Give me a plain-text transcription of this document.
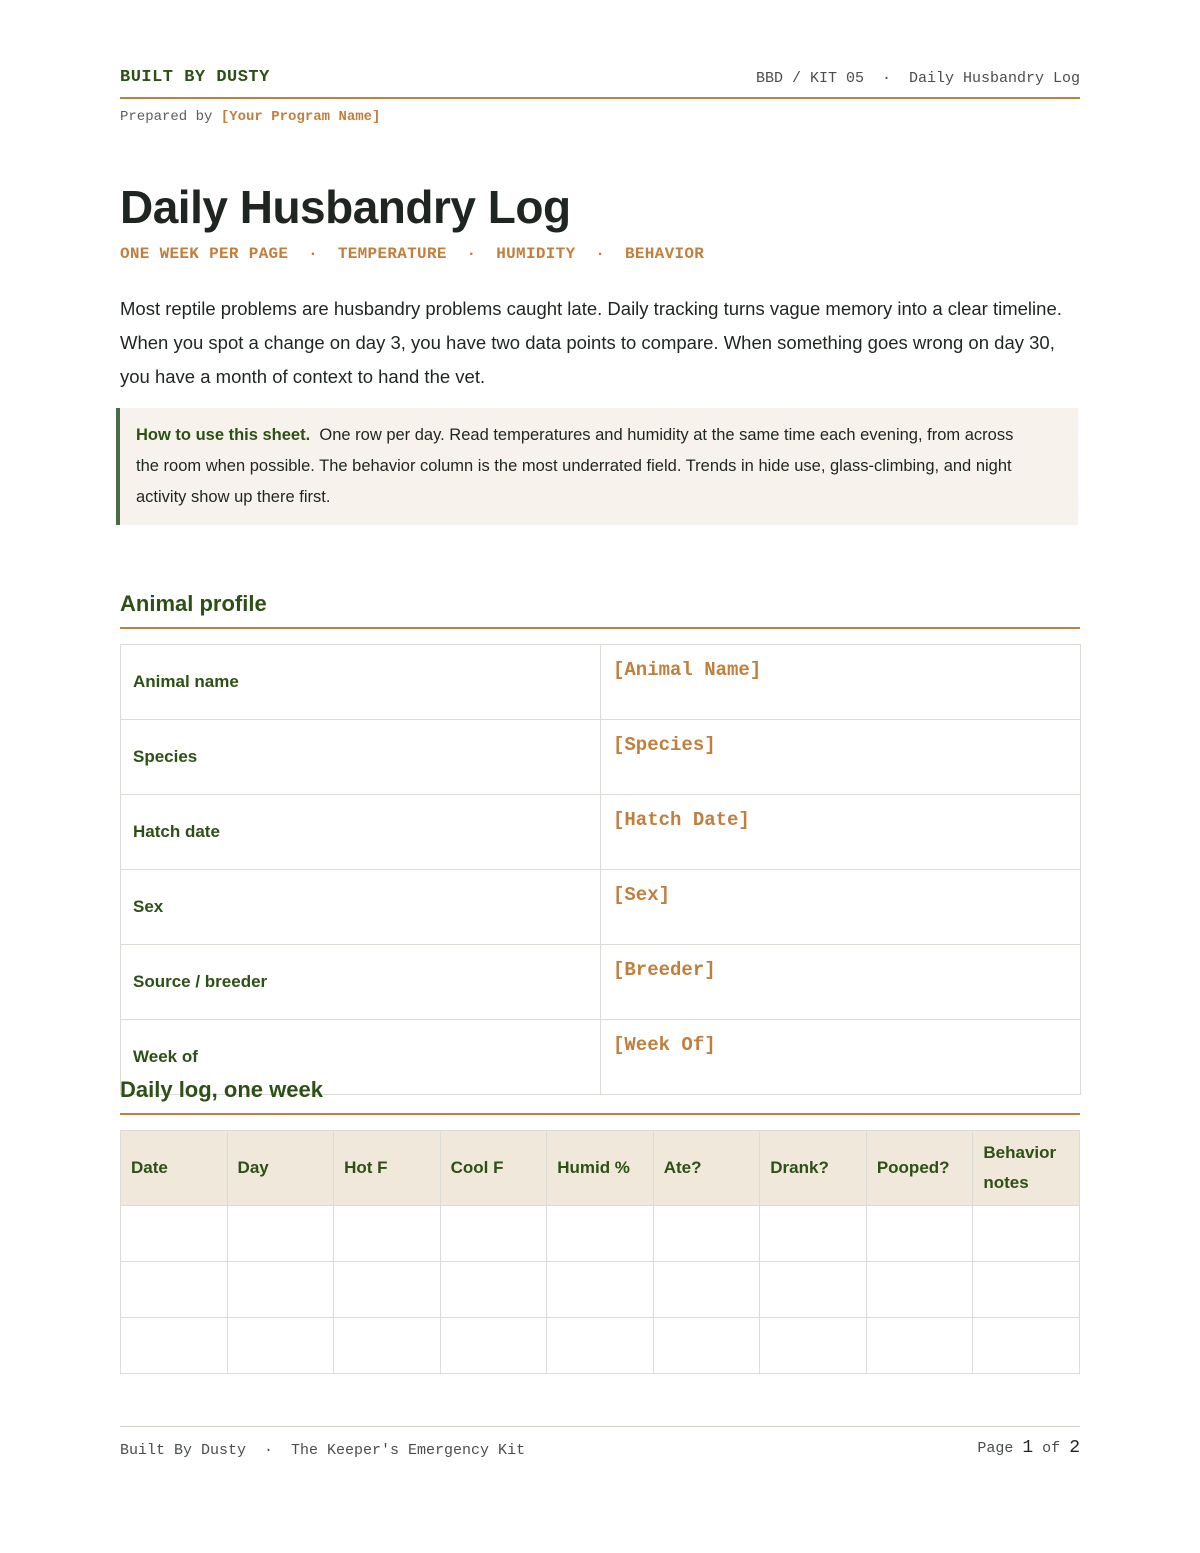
BUILT BY DUSTY	BBD / KIT 05  ·  Daily Husbandry Log
Prepared by [Your Program Name]
Daily Husbandry Log
ONE WEEK PER PAGE  ·  TEMPERATURE  ·  HUMIDITY  ·  BEHAVIOR

Most reptile problems are husbandry problems caught late. Daily tracking turns vague memory into a clear timeline. When you spot a change on day 3, you have two data points to compare. When something goes wrong on day 30, you have a month of context to hand the vet.

How to use this sheet. One row per day. Read temperatures and humidity at the same time each evening, from across the room when possible. The behavior column is the most underrated field. Trends in hide use, glass-climbing, and night activity show up there first.
Animal profile
Animal name	[Animal Name]
Species	[Species]
Hatch date	[Hatch Date]
Sex	[Sex]
Source / breeder	[Breeder]
Week of	[Week Of]
Daily log, one week
Date	Day	Hot F	Cool F	Humid %	Ate?	Drank?	Pooped?	Behavior notes

Built By Dusty  ·  The Keeper's Emergency Kit	Page 1 of 2
